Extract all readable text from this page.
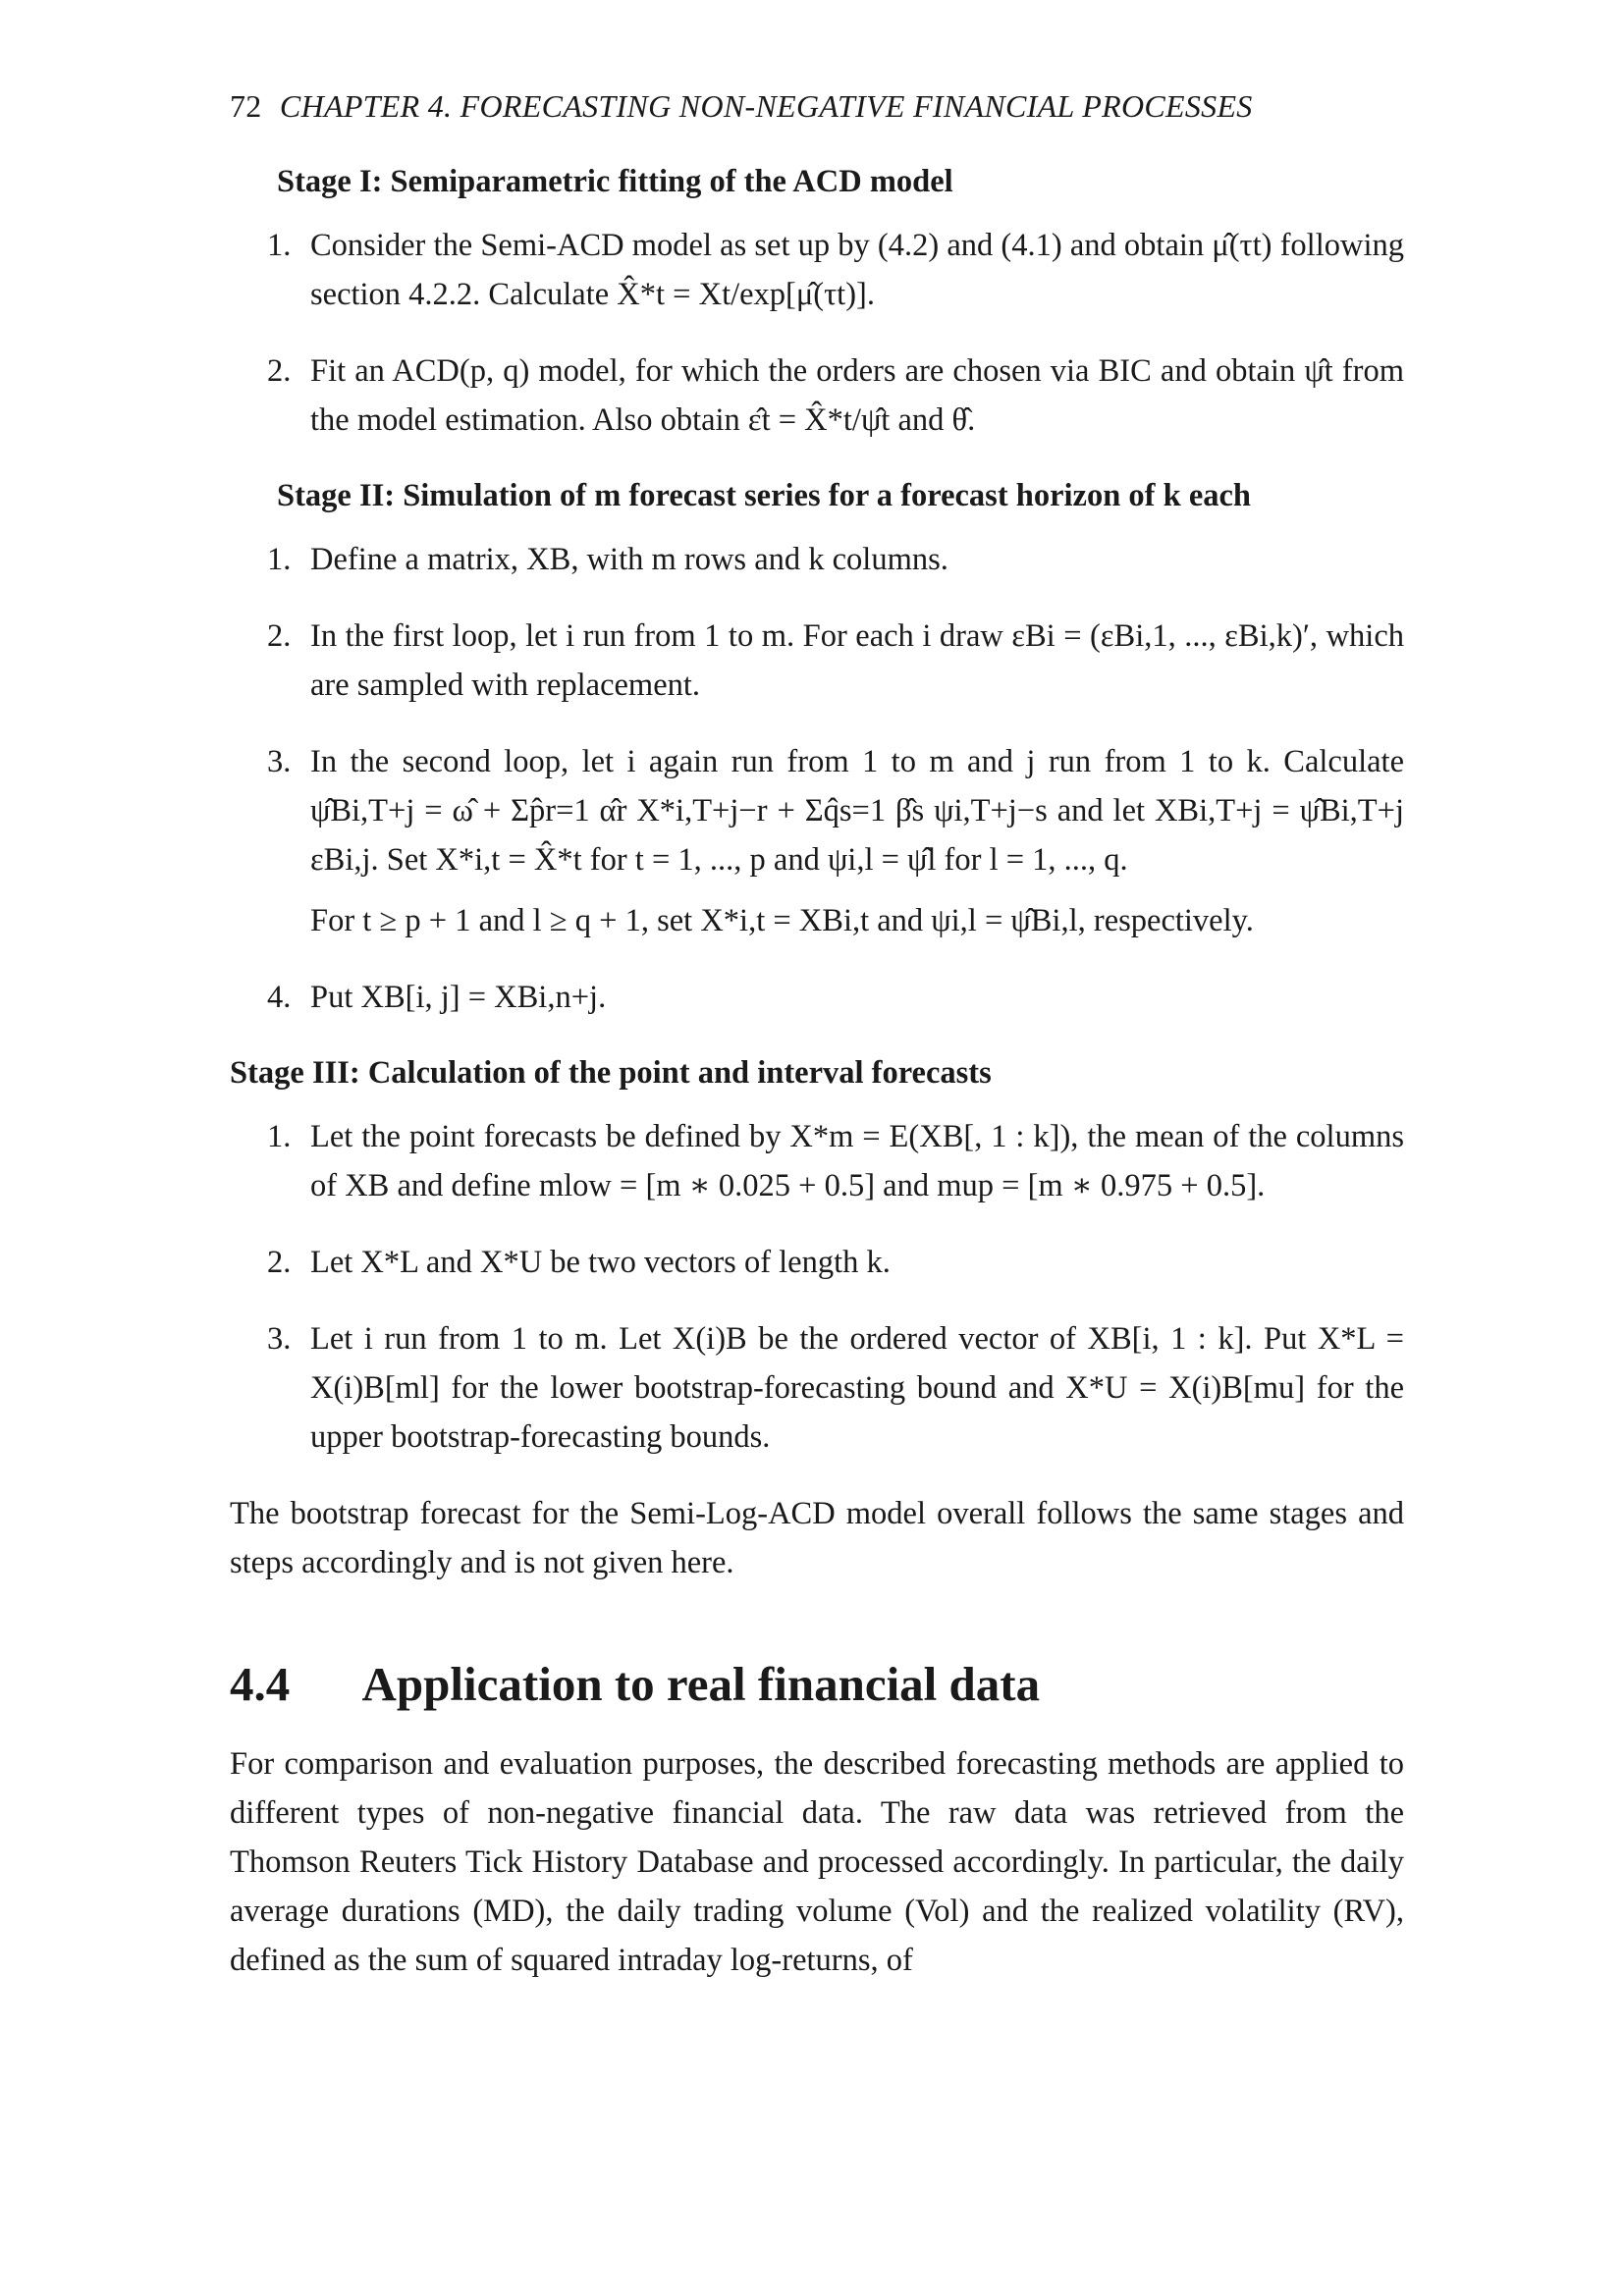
72 CHAPTER 4. FORECASTING NON-NEGATIVE FINANCIAL PROCESSES
Stage I: Semiparametric fitting of the ACD model
1. Consider the Semi-ACD model as set up by (4.2) and (4.1) and obtain μ̂(τt) following section 4.2.2. Calculate X̂*t = Xt/exp[μ̂(τt)].
2. Fit an ACD(p, q) model, for which the orders are chosen via BIC and obtain ψ̂t from the model estimation. Also obtain ε̂t = X̂*t/ψ̂t and θ̂.
Stage II: Simulation of m forecast series for a forecast horizon of k each
1. Define a matrix, XB, with m rows and k columns.
2. In the first loop, let i run from 1 to m. For each i draw εBi = (εBi,1, ..., εBi,k)′, which are sampled with replacement.
3. In the second loop, let i again run from 1 to m and j run from 1 to k. Calculate ψ̂Bi,T+j = ω̂ + Σp̂r=1 α̂r X*i,T+j−r + Σq̂s=1 β̂s ψi,T+j−s and let XBi,T+j = ψ̂Bi,T+j εBi,j. Set X*i,t = X̂*t for t = 1, ..., p and ψi,l = ψ̂l for l = 1, ..., q.
For t ≥ p + 1 and l ≥ q + 1, set X*i,t = XBi,t and ψi,l = ψ̂Bi,l, respectively.
4. Put XB[i, j] = XBi,n+j.
Stage III: Calculation of the point and interval forecasts
1. Let the point forecasts be defined by X*m = E(XB[, 1 : k]), the mean of the columns of XB and define mlow = [m ∗ 0.025 + 0.5] and mup = [m ∗ 0.975 + 0.5].
2. Let X*L and X*U be two vectors of length k.
3. Let i run from 1 to m. Let X(i)B be the ordered vector of XB[i, 1 : k]. Put X*L = X(i)B[ml] for the lower bootstrap-forecasting bound and X*U = X(i)B[mu] for the upper bootstrap-forecasting bounds.

The bootstrap forecast for the Semi-Log-ACD model overall follows the same stages and steps accordingly and is not given here.

4.4 Application to real financial data

For comparison and evaluation purposes, the described forecasting methods are applied to different types of non-negative financial data. The raw data was retrieved from the Thomson Reuters Tick History Database and processed accordingly. In particular, the daily average durations (MD), the daily trading volume (Vol) and the realized volatility (RV), defined as the sum of squared intraday log-returns, of
